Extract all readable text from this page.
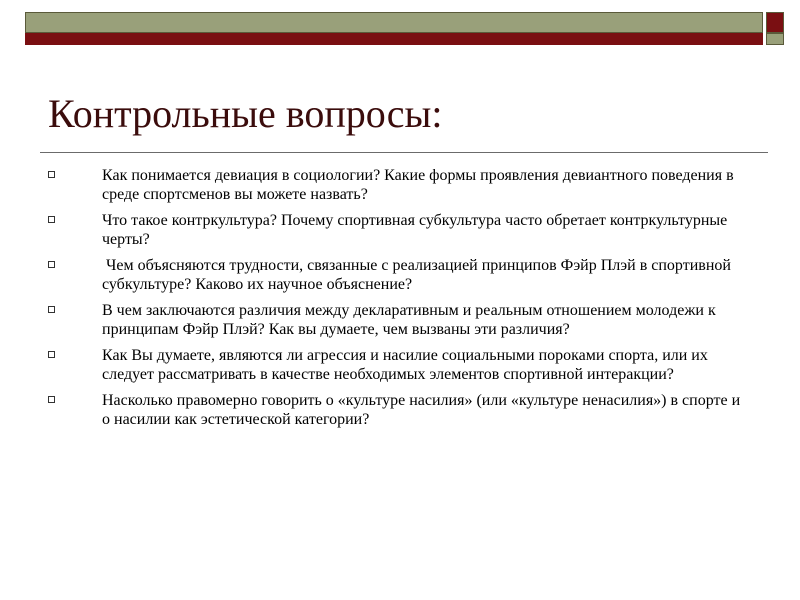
Контрольные вопросы:
Как понимается девиация в социологии? Какие формы проявления девиантного поведения в среде спортсменов вы можете назвать?
Что такое контркультура? Почему спортивная субкультура часто обретает контркультурные черты?
Чем объясняются трудности, связанные с реализацией принципов Фэйр Плэй в спортивной субкультуре? Каково их научное объяснение?
В чем заключаются различия между декларативным и реальным отношением молодежи к принципам Фэйр Плэй? Как вы думаете, чем вызваны эти различия?
Как Вы думаете, являются ли агрессия и насилие социальными пороками спорта, или их следует рассматривать в качестве необходимых элементов спортивной интеракции?
Насколько правомерно говорить о «культуре насилия» (или «культуре ненасилия») в спорте и о насилии как эстетической категории?
